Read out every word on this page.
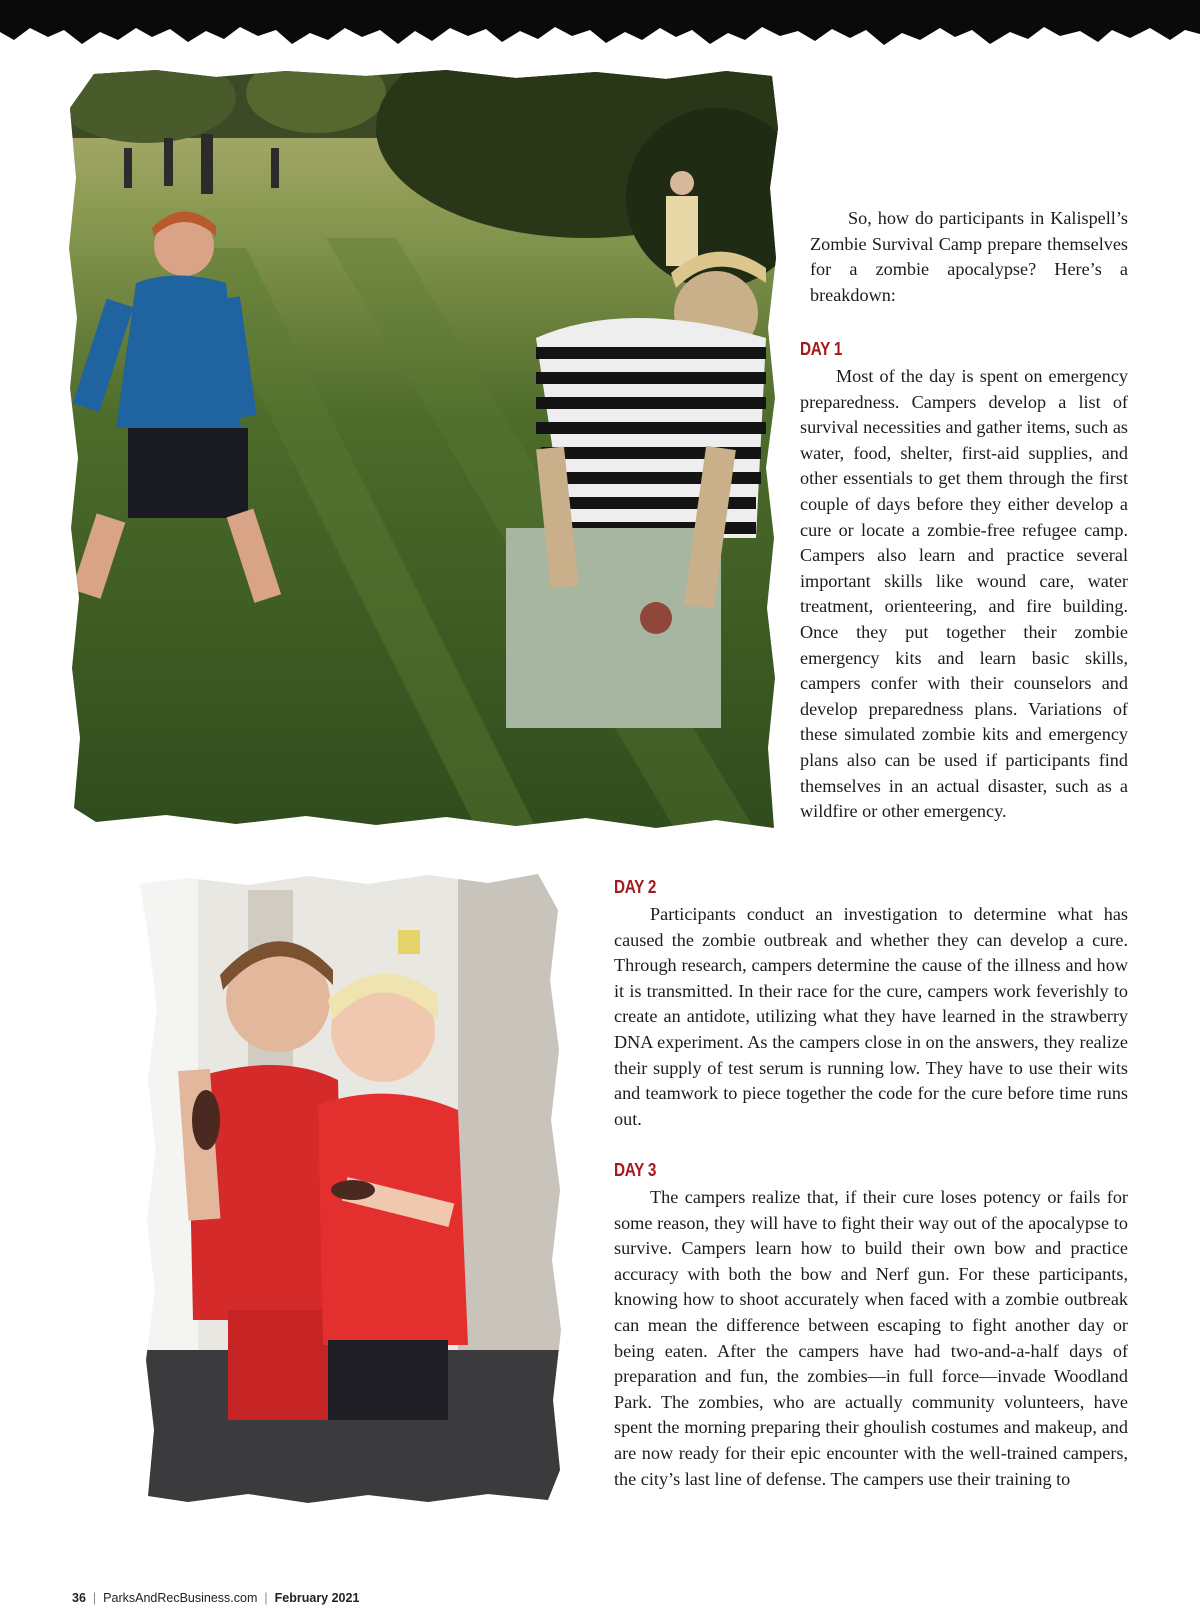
So, how do participants in Kalispell’s Zombie Survival Camp prepare themselves for a zombie apocalypse? Here’s a breakdown:

DAY 1

Most of the day is spent on emergency preparedness. Campers develop a list of survival necessities and gather items, such as water, food, shelter, first-aid supplies, and other essentials to get them through the first couple of days before they either develop a cure or locate a zombie-free refugee camp. Campers also learn and practice several important skills like wound care, water treatment, orienteering, and fire building. Once they put together their zombie emergency kits and learn basic skills, campers confer with their counselors and develop preparedness plans. Variations of these simulated zombie kits and emergency plans also can be used if participants find themselves in an actual disaster, such as a wildfire or other emergency.

DAY 2

Participants conduct an investigation to determine what has caused the zombie outbreak and whether they can develop a cure. Through research, campers determine the cause of the illness and how it is transmitted. In their race for the cure, campers work feverishly to create an antidote, utilizing what they have learned in the strawberry DNA experiment. As the campers close in on the answers, they realize their supply of test serum is running low. They have to use their wits and teamwork to piece together the code for the cure before time runs out.

DAY 3

The campers realize that, if their cure loses potency or fails for some reason, they will have to fight their way out of the apocalypse to survive. Campers learn how to build their own bow and practice accuracy with both the bow and Nerf gun. For these participants, knowing how to shoot accurately when faced with a zombie outbreak can mean the difference between escaping to fight another day or being eaten. After the campers have had two-and-a-half days of preparation and fun, the zombies—in full force—invade Woodland Park. The zombies, who are actually community volunteers, have spent the morning preparing their ghoulish costumes and makeup, and are now ready for their epic encounter with the well-trained campers, the city’s last line of defense. The campers use their training to

36 | ParksAndRecBusiness.com | February 2021
